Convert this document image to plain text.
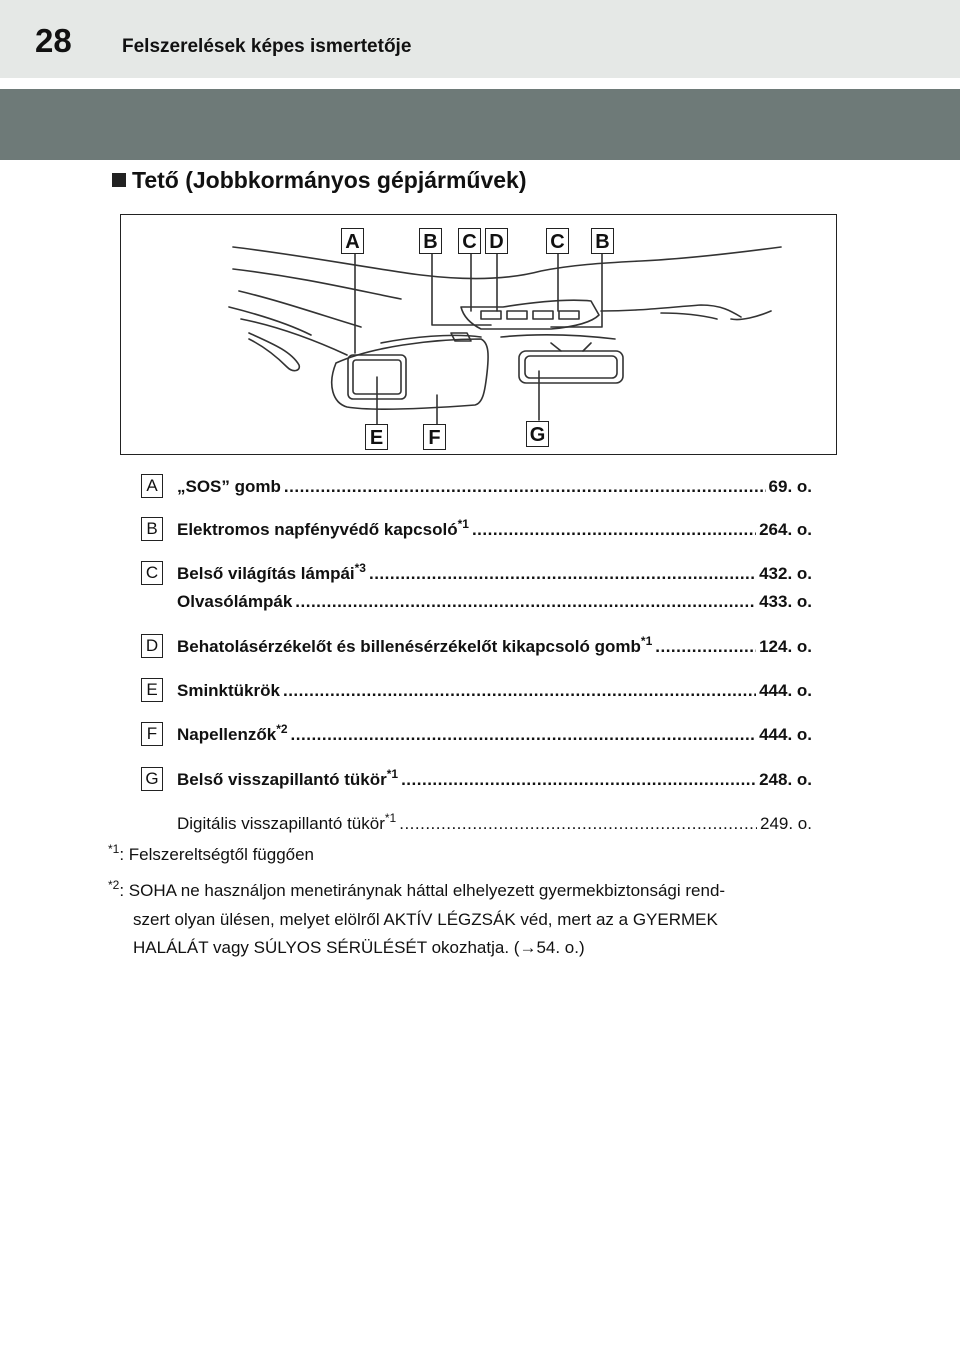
28	Felszerelések képes ismertetője
Tető (Jobbkormányos gépjárművek)
A	B C D C B
E F	G
A	„SOS” gomb .....	69. o.
B	Elektromos napfényvédő kapcsoló$^{*1}$ .....	264. o.
C Belső világítás lámpái$^{*3}$ .....	432. o.
Olvasólámpák .....	433. o.
D Behatolásérzékelőt és billenésérzékelőt kikapcsoló gomb$^{*1}$ .....	124. o.
E	Sminktükrök .....	444. o.
F	Napellenzők$^{*2}$ .....	444. o.
G Belső visszapillantó tükör$^{*1}$ .....	248. o.
Digitális visszapillantó tükör$^{*1}$ .....	249. o.
$^{*1}$: Felszereltségtől függően
$^{*2}$: SOHA ne használjon menetiránynak háttal elhelyezett gyermekbiztonsági rend-
szert olyan ülésen, melyet elölről AKTÍV LÉGZSÁK véd, mert az a GYERMEK
HALÁLÁT vagy SÚLYOS SÉRÜLÉSÉT okozhatja. (→54. o.)
